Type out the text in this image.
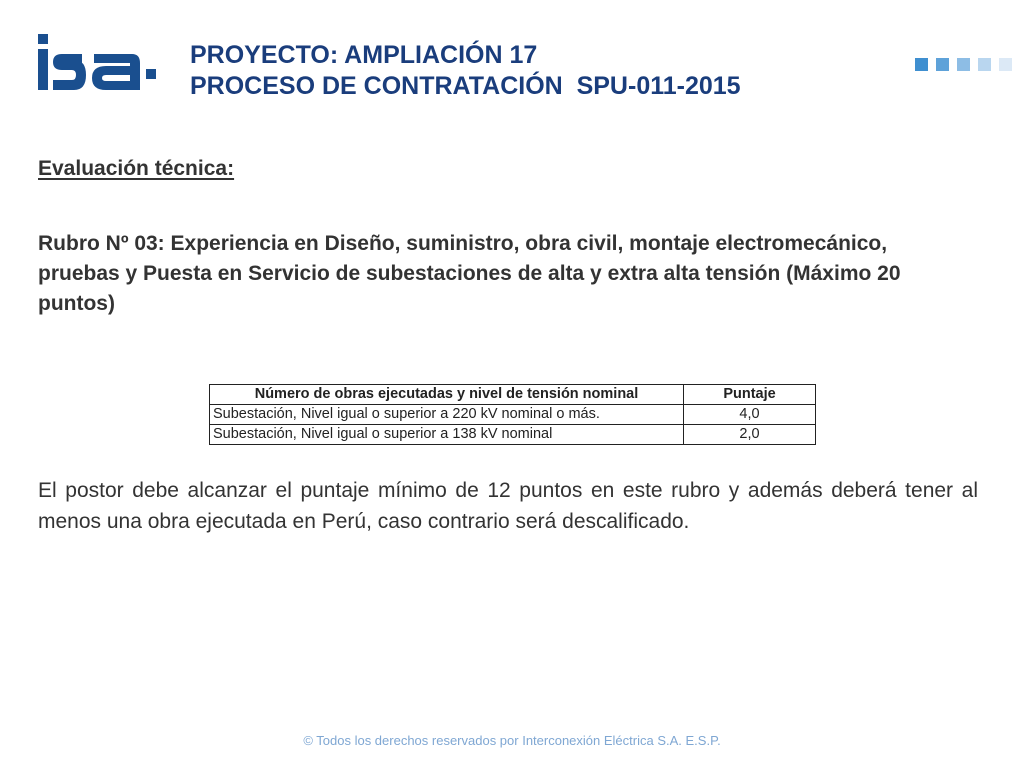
PROYECTO: AMPLIACIÓN 17
PROCESO DE CONTRATACIÓN  SPU-011-2015
Evaluación técnica:
Rubro Nº 03: Experiencia en Diseño, suministro, obra civil, montaje electromecánico, pruebas y Puesta en Servicio de subestaciones de alta y extra alta tensión (Máximo 20 puntos)
Número de obras ejecutadas y nivel de tensión nominal	Puntaje
Subestación, Nivel igual o superior a 220 kV nominal o más.	4,0
Subestación, Nivel igual o superior a 138 kV nominal	2,0
El postor debe alcanzar el puntaje mínimo de 12 puntos en este rubro y además deberá tener al menos una obra ejecutada en Perú, caso contrario será descalificado.
© Todos los derechos reservados por Interconexión Eléctrica S.A. E.S.P.
